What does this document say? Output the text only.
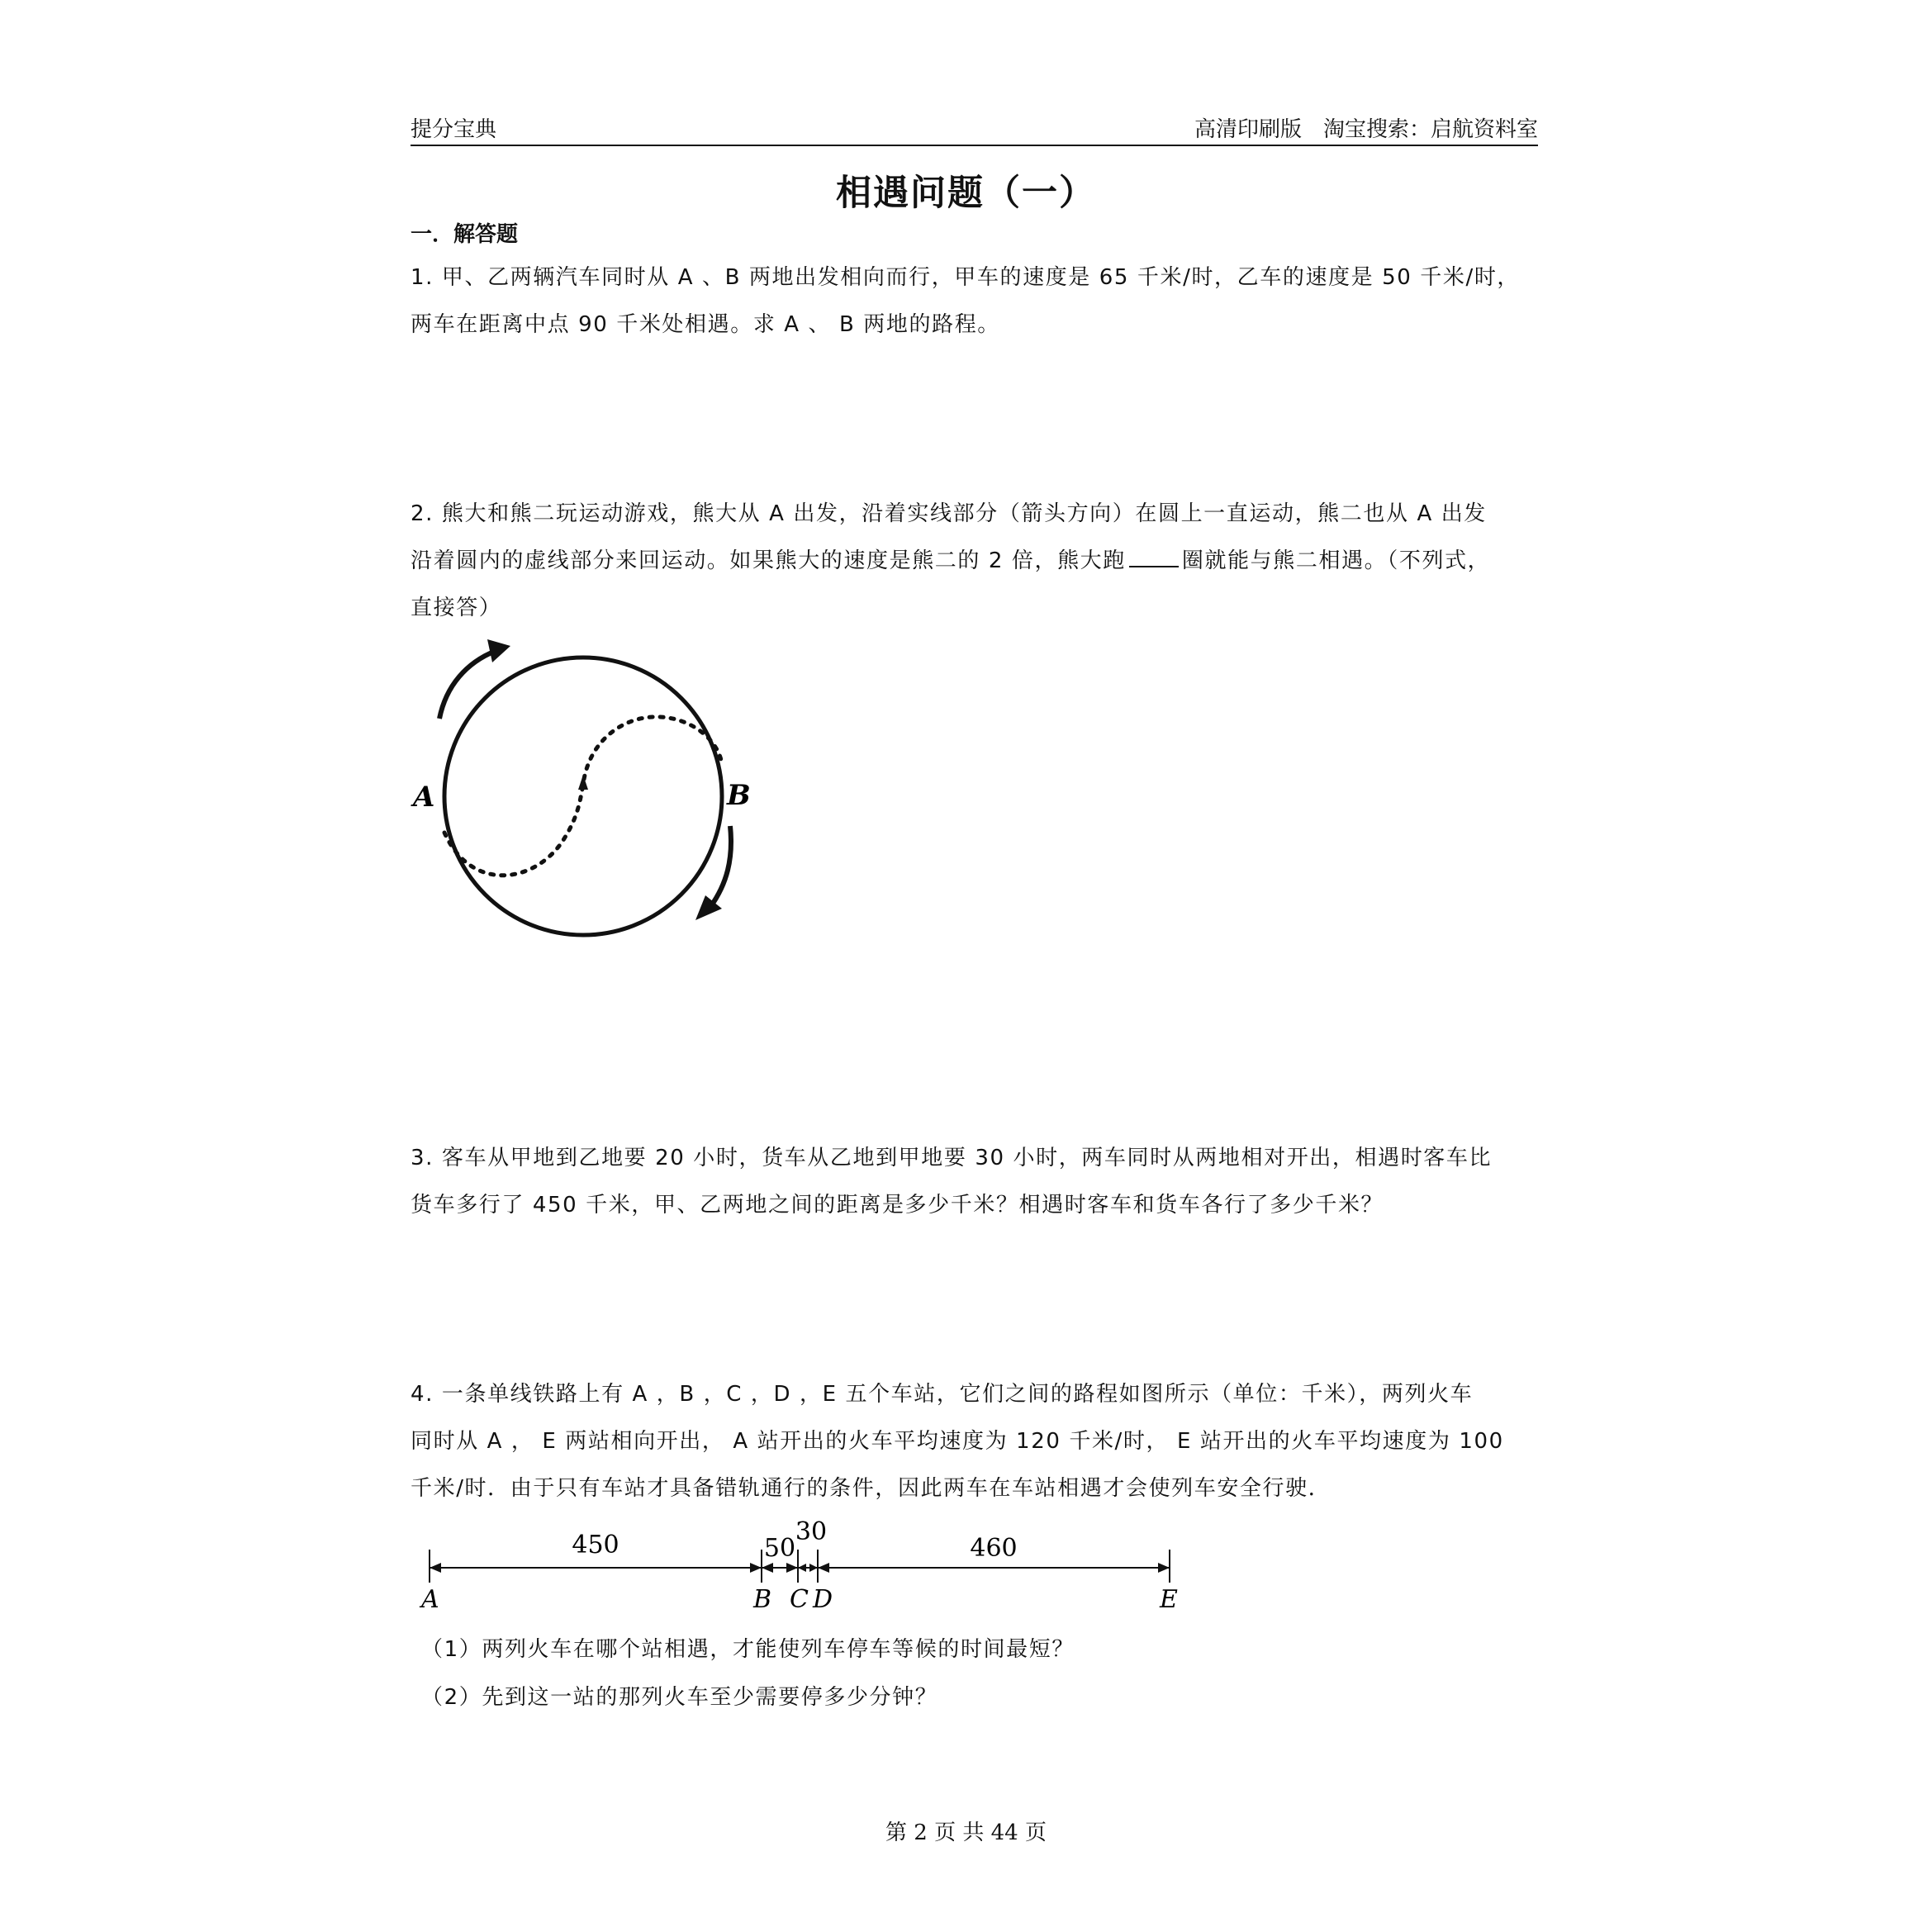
提分宝典	高清印刷版　淘宝搜索：启航资料室
相遇问题（一）
一．解答题
1. 甲、乙两辆汽车同时从 A 、B 两地出发相向而行，甲车的速度是 65 千米/时，乙车的速度是 50 千米/时，
两车在距离中点 90 千米处相遇。求 A 、 B 两地的路程。
2. 熊大和熊二玩运动游戏，熊大从 A 出发，沿着实线部分（箭头方向）在圆上一直运动，熊二也从 A 出发
沿着圆内的虚线部分来回运动。如果熊大的速度是熊二的 2 倍，熊大跑	圈就能与熊二相遇。（不列式，
直接答）
A	B
3. 客车从甲地到乙地要 20 小时，货车从乙地到甲地要 30 小时，两车同时从两地相对开出，相遇时客车比
货车多行了 450 千米，甲、乙两地之间的距离是多少千米？相遇时客车和货车各行了多少千米？
4. 一条单线铁路上有 A ，B ，C ，D ，E 五个车站，它们之间的路程如图所示（单位：千米），两列火车
同时从 A ， E 两站相向开出， A 站开出的火车平均速度为 120 千米/时， E 站开出的火车平均速度为 100
千米/时．由于只有车站才具备错轨通行的条件，因此两车在车站相遇才会使列车安全行驶．
450	50
30
460
A	B C D	E
（1）两列火车在哪个站相遇，才能使列车停车等候的时间最短？
（2）先到这一站的那列火车至少需要停多少分钟？
第 2 页 共 44 页
